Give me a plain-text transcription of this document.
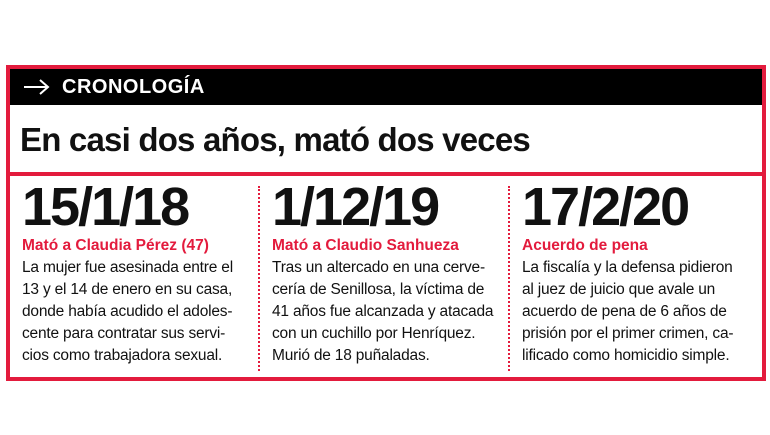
CRONOLOGÍA
En casi dos años, mató dos veces
15/1/18
Mató a Claudia Pérez (47)
La mujer fue asesinada entre el
13 y el 14 de enero en su casa,
donde había acudido el adoles-
cente para contratar sus servi-
cios como trabajadora sexual.
1/12/19
Mató a Claudio Sanhueza
Tras un altercado en una cerve-
cería de Senillosa, la víctima de
41 años fue alcanzada y atacada
con un cuchillo por Henríquez.
Murió de 18 puñaladas.
17/2/20
Acuerdo de pena
La fiscalía y la defensa pidieron
al juez de juicio que avale un
acuerdo de pena de 6 años de
prisión por el primer crimen, ca-
lificado como homicidio simple.
